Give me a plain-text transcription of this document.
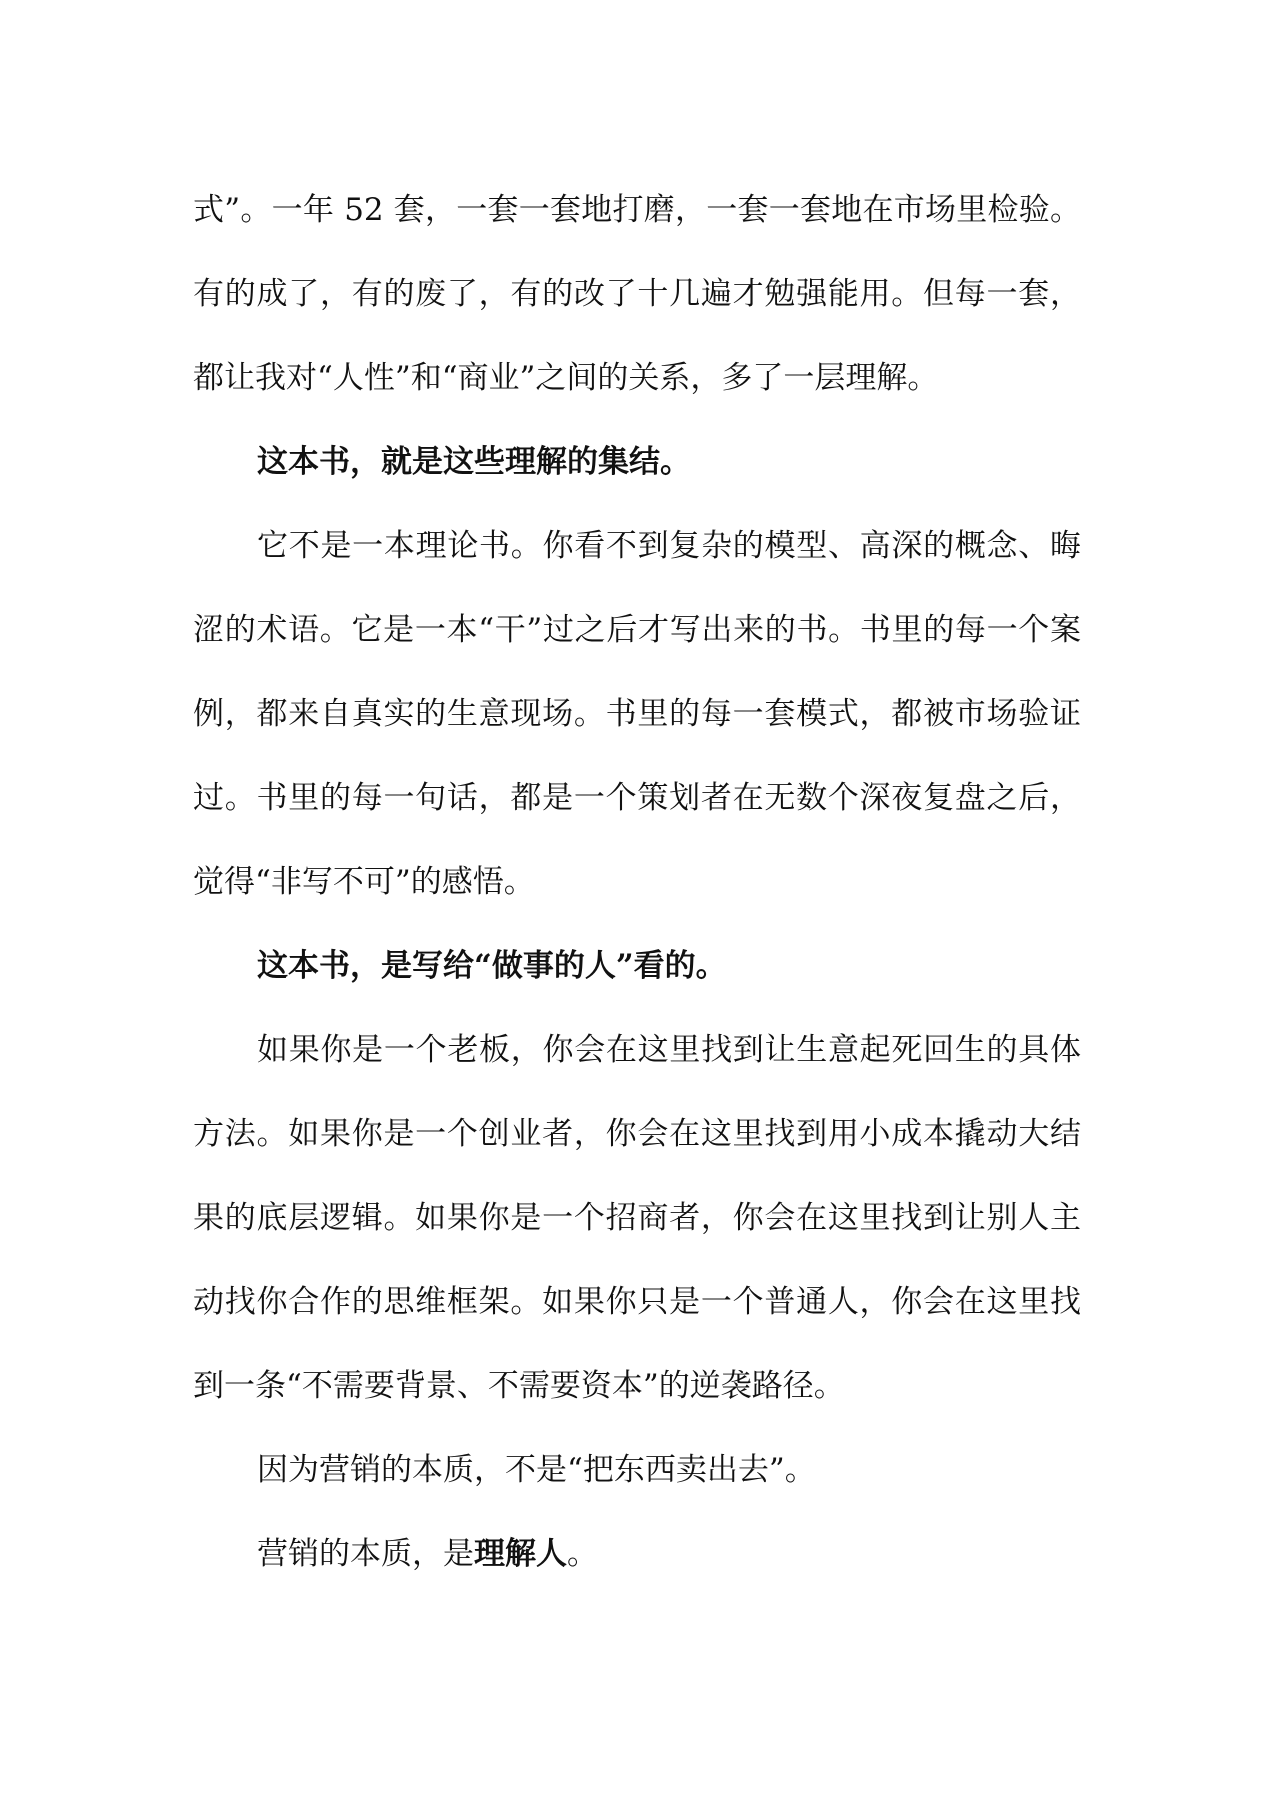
式”。一年 52 套，一套一套地打磨，一套一套地在市场里检验。有的成了，有的废了，有的改了十几遍才勉强能用。但每一套，都让我对“人性”和“商业”之间的关系，多了一层理解。

这本书，就是这些理解的集结。

它不是一本理论书。你看不到复杂的模型、高深的概念、晦涩的术语。它是一本“干”过之后才写出来的书。书里的每一个案例，都来自真实的生意现场。书里的每一套模式，都被市场验证过。书里的每一句话，都是一个策划者在无数个深夜复盘之后，觉得“非写不可”的感悟。

这本书，是写给“做事的人”看的。

如果你是一个老板，你会在这里找到让生意起死回生的具体方法。如果你是一个创业者，你会在这里找到用小成本撬动大结果的底层逻辑。如果你是一个招商者，你会在这里找到让别人主动找你合作的思维框架。如果你只是一个普通人，你会在这里找到一条“不需要背景、不需要资本”的逆袭路径。

因为营销的本质，不是“把东西卖出去”。

营销的本质，是理解人。
